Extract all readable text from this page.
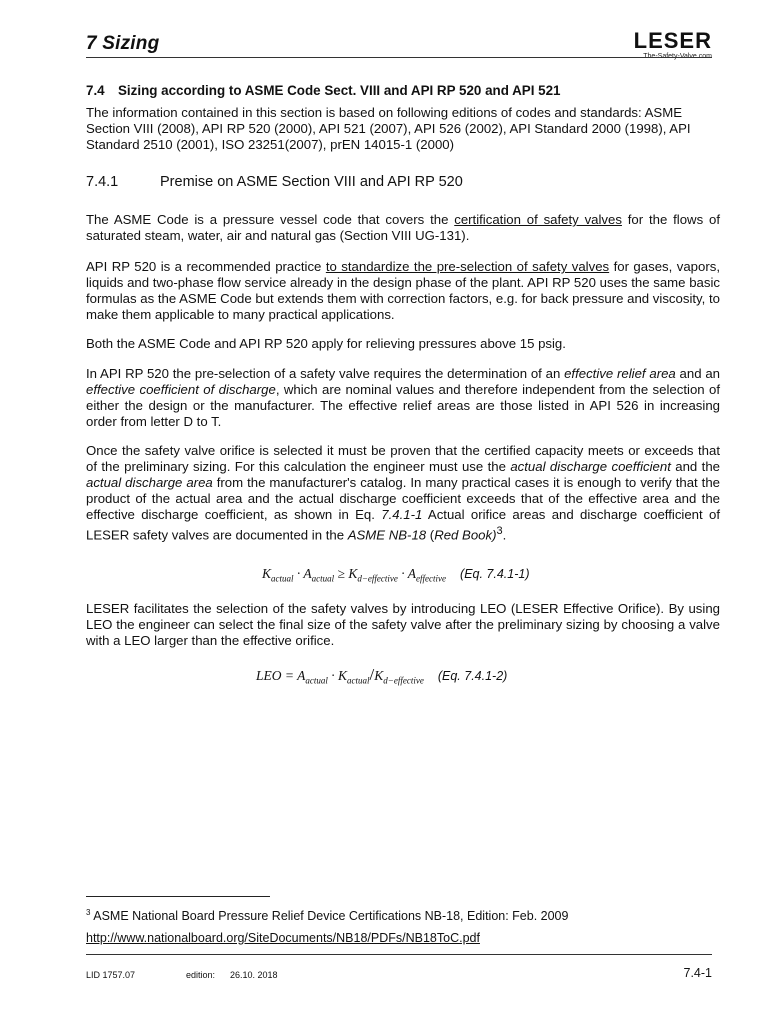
7 Sizing	LESER
The-Safety-Valve.com
7.4 Sizing according to ASME Code Sect. VIII and API RP 520 and API 521

The information contained in this section is based on following editions of codes and standards: ASME Section VIII (2008), API RP 520 (2000), API 521 (2007), API 526 (2002), API Standard 2000 (1998), API Standard 2510 (2001), ISO 23251(2007), prEN 14015-1 (2000)

7.4.1	Premise on ASME Section VIII and API RP 520

The ASME Code is a pressure vessel code that covers the certification of safety valves for the flows of saturated steam, water, air and natural gas (Section VIII UG-131).

API RP 520 is a recommended practice to standardize the pre-selection of safety valves for gases, vapors, liquids and two-phase flow service already in the design phase of the plant. API RP 520 uses the same basic formulas as the ASME Code but extends them with correction factors, e.g. for back pressure and viscosity, to make them applicable to many practical applications.

Both the ASME Code and API RP 520 apply for relieving pressures above 15 psig.

In API RP 520 the pre-selection of a safety valve requires the determination of an effective relief area and an effective coefficient of discharge, which are nominal values and therefore independent from the selection of either the design or the manufacturer. The effective relief areas are those listed in API 526 in increasing order from letter D to T.

Once the safety valve orifice is selected it must be proven that the certified capacity meets or exceeds that of the preliminary sizing. For this calculation the engineer must use the actual discharge coefficient and the actual discharge area from the manufacturer's catalog. In many practical cases it is enough to verify that the product of the actual area and the actual discharge coefficient exceeds that of the effective area and the effective discharge coefficient, as shown in Eq. 7.4.1-1 Actual orifice areas and discharge coefficient of LESER safety valves are documented in the ASME NB-18 (Red Book)$^3$.

$K_{actual} \cdot A_{actual} \ge K_{d-effective} \cdot A_{effective}$ (Eq. 7.4.1-1)

LESER facilitates the selection of the safety valves by introducing LEO (LESER Effective Orifice). By using LEO the engineer can select the final size of the safety valve after the preliminary sizing by choosing a valve with a LEO larger than the effective orifice.

LEO = $A_{actual} \cdot K_{actual}/K_{d-effective}$ (Eq. 7.4.1-2)
$^3$ ASME National Board Pressure Relief Device Certifications NB-18, Edition: Feb. 2009
http://www.nationalboard.org/SiteDocuments/NB18/PDFs/NB18ToC.pdf
LID 1757.07	edition: 26.10. 2018	7.4-1
